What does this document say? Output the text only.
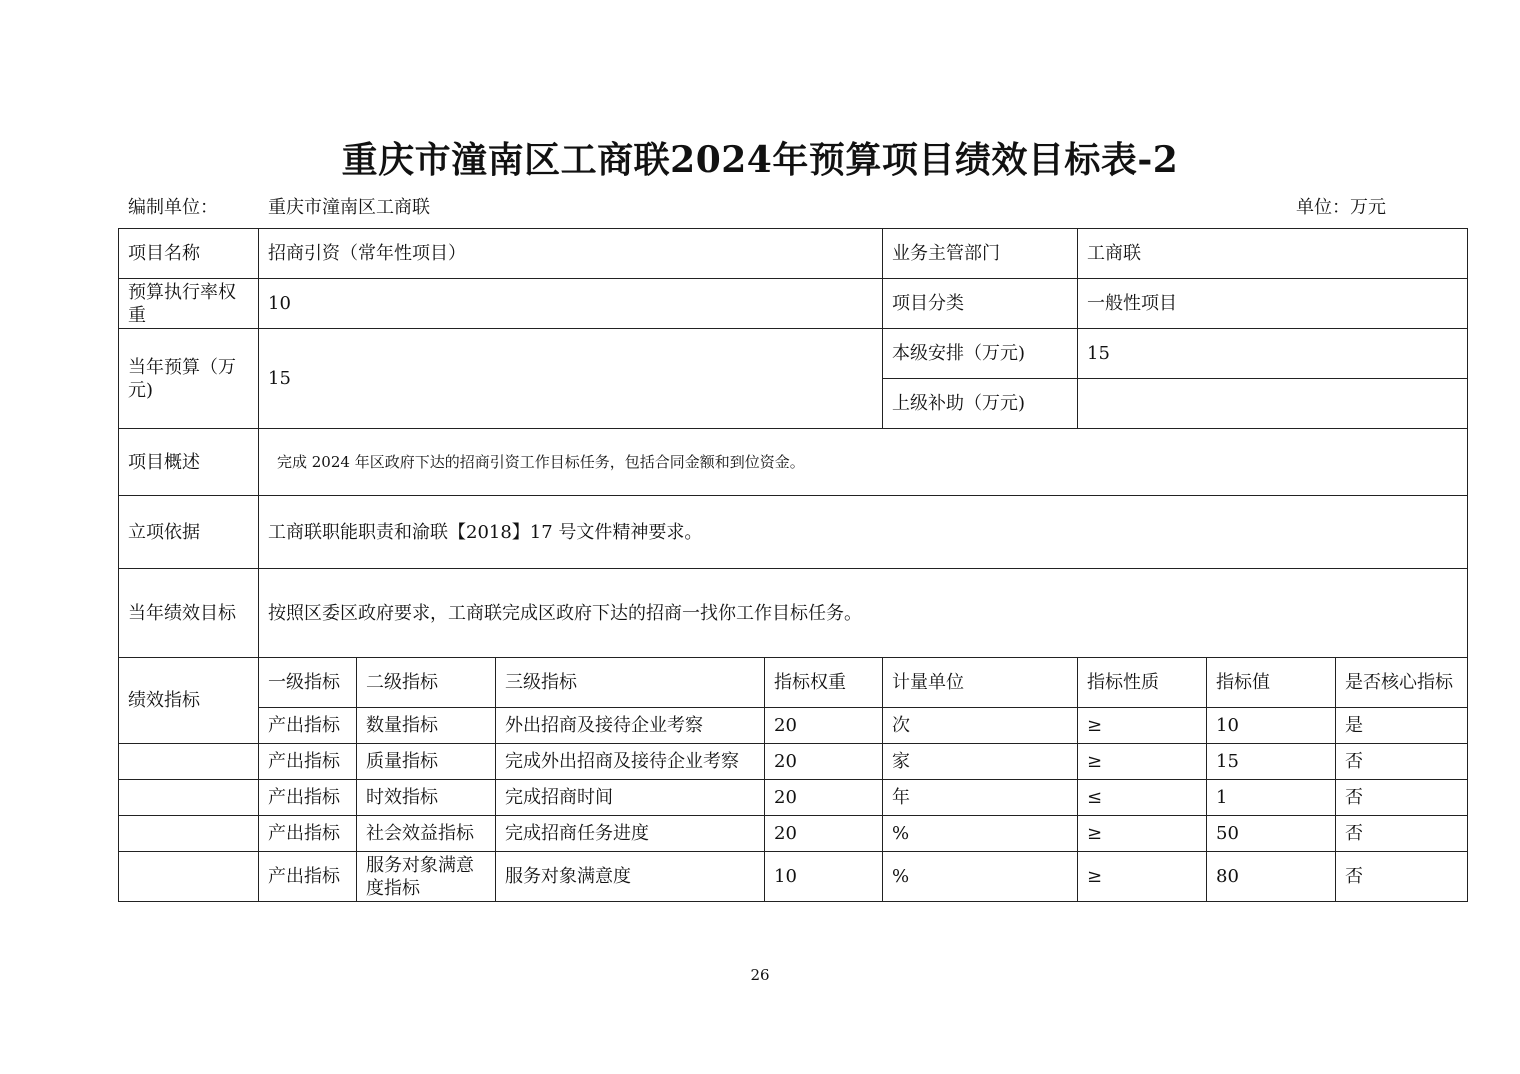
重庆市潼南区工商联2024年预算项目绩效目标表-2
编制单位：	重庆市潼南区工商联	单位：万元
项目名称	招商引资（常年性项目）				业务主管部门	工商联		
预算执行率权重	10				项目分类	一般性项目		
当年预算（万元)	15				本级安排（万元)	15		
					上级补助（万元)			
项目概述	完成 2024 年区政府下达的招商引资工作目标任务，包括合同金额和到位资金。							
立项依据	工商联职能职责和渝联【2018】17 号文件精神要求。							
当年绩效目标	按照区委区政府要求，工商联完成区政府下达的招商一找你工作目标任务。							
绩效指标	一级指标	二级指标	三级指标	指标权重	计量单位	指标性质	指标值	是否核心指标
	产出指标	数量指标	外出招商及接待企业考察	20	次	≥	10	是
	产出指标	质量指标	完成外出招商及接待企业考察	20	家	≥	15	否
	产出指标	时效指标	完成招商时间	20	年	≤	1	否
	产出指标	社会效益指标	完成招商任务进度	20	%	≥	50	否
	产出指标	服务对象满意度指标	服务对象满意度	10	%	≥	80	否
26
